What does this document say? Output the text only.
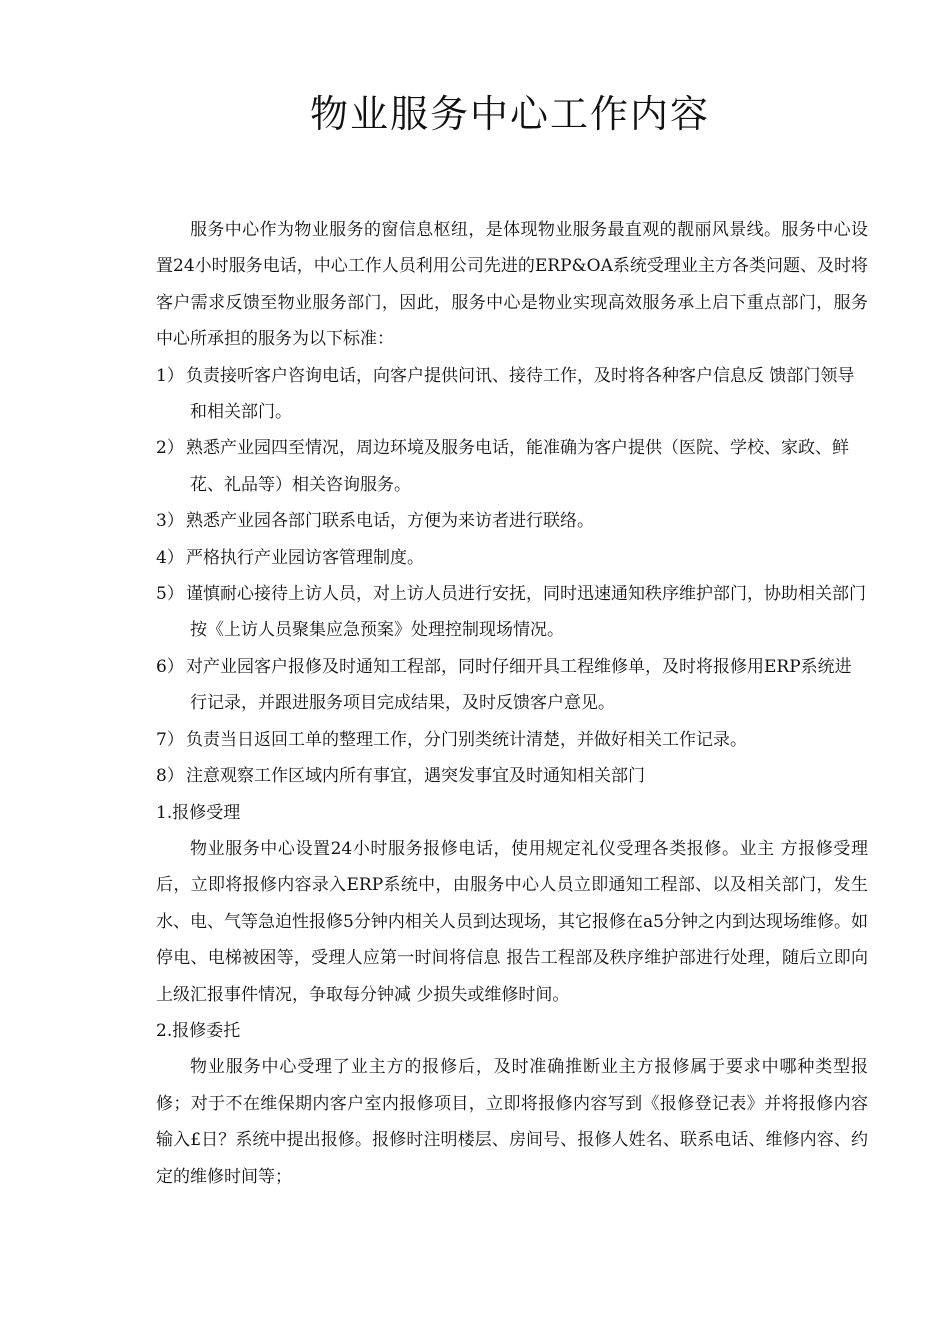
物业服务中心工作内容

服务中心作为物业服务的窗信息枢纽，是体现物业服务最直观的靓丽风景线。服务中心设置24小时服务电话，中心工作人员利用公司先进的ERP&OA系统受理业主方各类问题、及时将客户需求反馈至物业服务部门，因此，服务中心是物业实现高效服务承上启下重点部门，服务中心所承担的服务为以下标准：

1） 负责接听客户咨询电话，向客户提供问讯、接待工作，及时将各种客户信息反 馈部门领导和相关部门。

2） 熟悉产业园四至情况，周边环境及服务电话，能准确为客户提供（医院、学校、家政、鲜花、礼品等）相关咨询服务。

3） 熟悉产业园各部门联系电话，方便为来访者进行联络。

4） 严格执行产业园访客管理制度。

5） 谨慎耐心接待上访人员，对上访人员进行安抚，同时迅速通知秩序维护部门，协助相关部门按《上访人员聚集应急预案》处理控制现场情况。

6） 对产业园客户报修及时通知工程部，同时仔细开具工程维修单，及时将报修用ERP系统进行记录，并跟进服务项目完成结果，及时反馈客户意见。

7） 负责当日返回工单的整理工作，分门别类统计清楚，并做好相关工作记录。

8） 注意观察工作区域内所有事宜，遇突发事宜及时通知相关部门

1.报修受理

物业服务中心设置24小时服务报修电话，使用规定礼仪受理各类报修。业主 方报修受理后，立即将报修内容录入ERP系统中，由服务中心人员立即通知工程部、以及相关部门，发生水、电、气等急迫性报修5分钟内相关人员到达现场，其它报修在a5分钟之内到达现场维修。如停电、电梯被困等，受理人应第一时间将信息 报告工程部及秩序维护部进行处理，随后立即向上级汇报事件情况，争取每分钟减 少损失或维修时间。

2.报修委托

物业服务中心受理了业主方的报修后，及时准确推断业主方报修属于要求中哪种类型报修；对于不在维保期内客户室内报修项目，立即将报修内容写到《报修登记表》并将报修内容输入£日？系统中提出报修。报修时注明楼层、房间号、报修人姓名、联系电话、维修内容、约定的维修时间等；
